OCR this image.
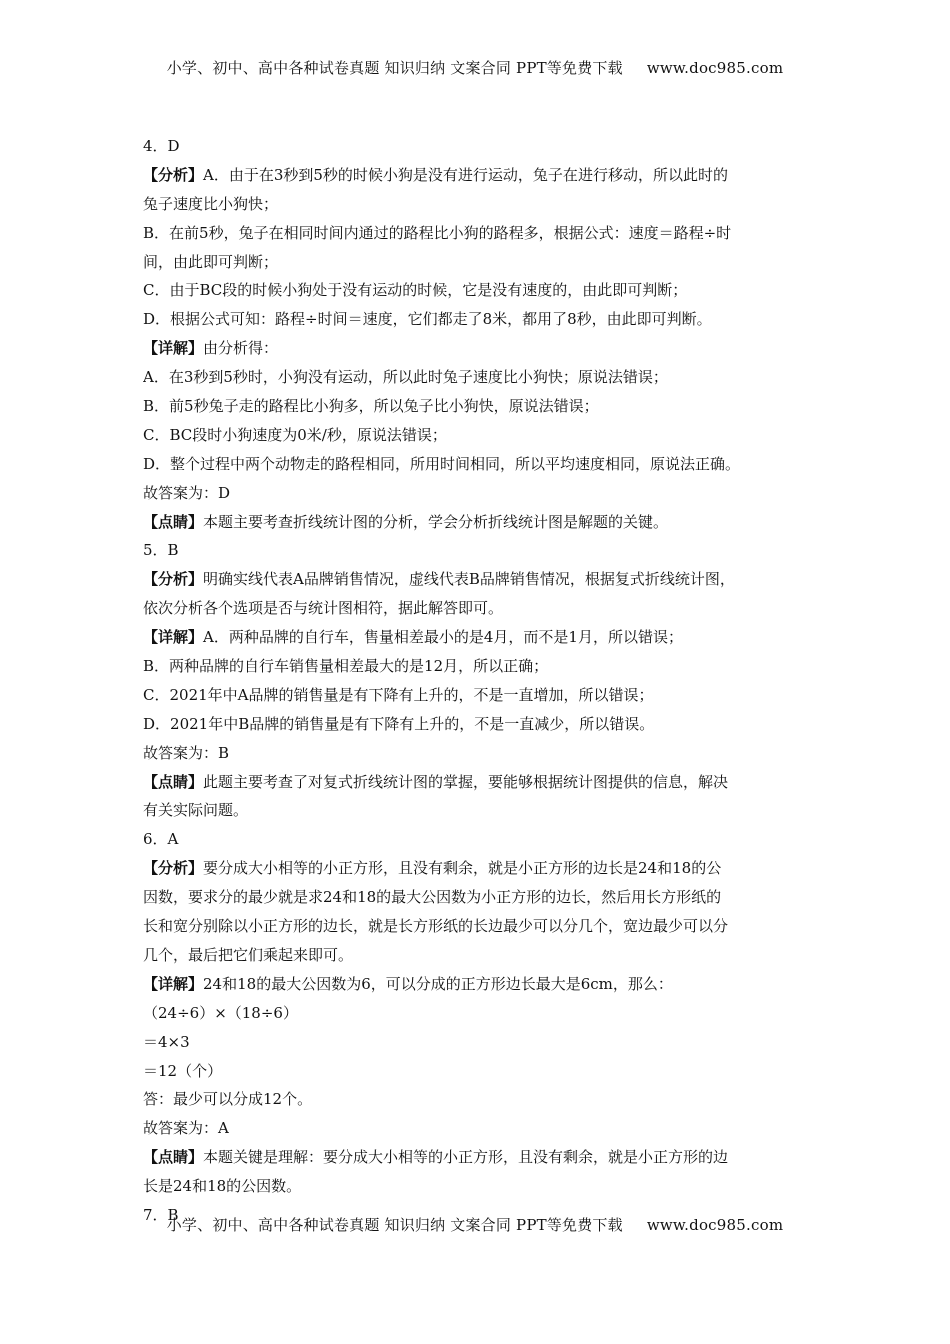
小学、初中、高中各种试卷真题 知识归纳 文案合同 PPT等免费下载 www.doc985.com
4．D
【分析】A．由于在3秒到5秒的时候小狗是没有进行运动，兔子在进行移动，所以此时的
兔子速度比小狗快；
B．在前5秒，兔子在相同时间内通过的路程比小狗的路程多，根据公式：速度＝路程÷时
间，由此即可判断；
C．由于BC段的时候小狗处于没有运动的时候，它是没有速度的，由此即可判断；
D．根据公式可知：路程÷时间＝速度，它们都走了8米，都用了8秒，由此即可判断。
【详解】由分析得：
A．在3秒到5秒时，小狗没有运动，所以此时兔子速度比小狗快；原说法错误；
B．前5秒兔子走的路程比小狗多，所以兔子比小狗快，原说法错误；
C．BC段时小狗速度为0米/秒，原说法错误；
D．整个过程中两个动物走的路程相同，所用时间相同，所以平均速度相同，原说法正确。
故答案为：D
【点睛】本题主要考查折线统计图的分析，学会分析折线统计图是解题的关键。
5．B
【分析】明确实线代表A品牌销售情况，虚线代表B品牌销售情况，根据复式折线统计图，
依次分析各个选项是否与统计图相符，据此解答即可。
【详解】A．两种品牌的自行车，售量相差最小的是4月，而不是1月，所以错误；
B．两种品牌的自行车销售量相差最大的是12月，所以正确；
C．2021年中A品牌的销售量是有下降有上升的，不是一直增加，所以错误；
D．2021年中B品牌的销售量是有下降有上升的，不是一直减少，所以错误。
故答案为：B
【点睛】此题主要考查了对复式折线统计图的掌握，要能够根据统计图提供的信息，解决
有关实际问题。
6．A
【分析】要分成大小相等的小正方形，且没有剩余，就是小正方形的边长是24和18的公
因数，要求分的最少就是求24和18的最大公因数为小正方形的边长，然后用长方形纸的
长和宽分别除以小正方形的边长，就是长方形纸的长边最少可以分几个，宽边最少可以分
几个，最后把它们乘起来即可。
【详解】24和18的最大公因数为6，可以分成的正方形边长最大是6cm，那么：
（24÷6）×（18÷6）
＝4×3
＝12（个）
答：最少可以分成12个。
故答案为：A
【点睛】本题关键是理解：要分成大小相等的小正方形，且没有剩余，就是小正方形的边
长是24和18的公因数。
7．B
小学、初中、高中各种试卷真题 知识归纳 文案合同 PPT等免费下载 www.doc985.com
